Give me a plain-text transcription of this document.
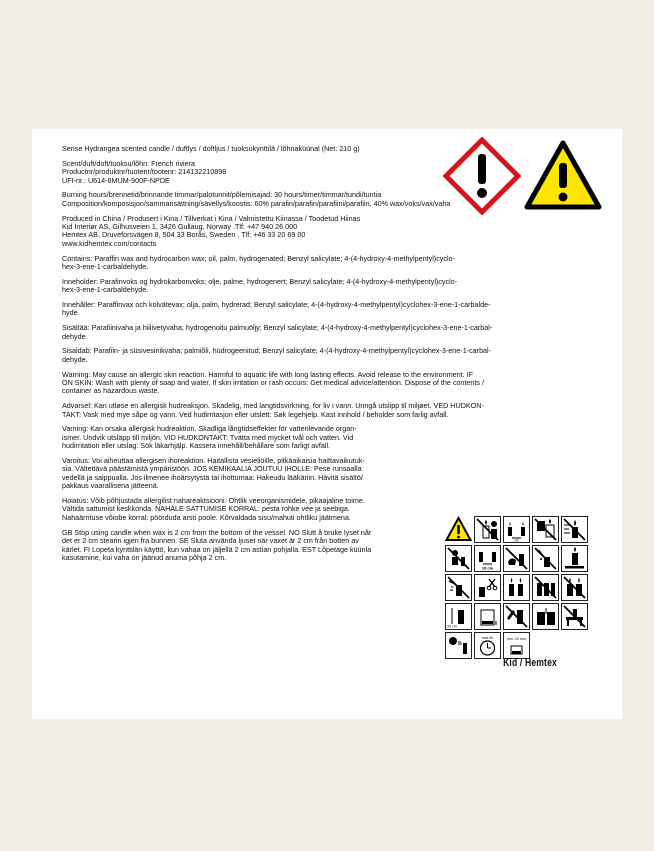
Sense Hydrangea scented candle / duftlys / doftljus / tuoksukynttilä / lõhnaküünal (Net: 210 g)

Scent/duft/doft/tuoksu/lõhn: French riviera
Productnr/produktnr/tuotenr/tootenr: 214132210898
UFI-nr.: U614-8MUM-900F-NPDE

Burning hours/brennetid/brinnande timmar/palotunnit/põlemisajad: 30 hours/timer/timmar/tundi/tuntia
Composition/komposisjon/sammansättning/sävellys/koostis: 60% parafin/parafin/parafiini/parafiin, 40% wax/voks/vax/vaha

Produced in China / Produsert i Kina / Tillverkat i Kina / Valmistettu Kiinassa / Toodetud Hiinas
Kid Interiør AS, Gilhusveien 1, 3426 Gullaug, Norway .Tlf: +47 940 26 000
Hemtex AB, Druveforsvägen 8, 504 33 Borås, Sweden . Tlf: +46 33 20 69 00
www.kidhemtex.com/contacts

Contains: Paraffin wax and hydrocarbon wax; oil, palm, hydrogenated; Benzyl salicylate; 4-(4-hydroxy-4-methylpentyl)cyclo-
hex-3-ene-1-carbaldehyde.

Inneholder: Parafinvoks og hydrokarbonvoks; olje, palme, hydrogenert; Benzyl salicylate; 4-(4-hydroxy-4-methylpentyl)cyclo-
hex-3-ene-1-carbaldehyde.

Innehåller: Paraffinvax och kolvätevax; olja, palm, hydrerad; Benzyl salicylate; 4-(4-hydroxy-4-methylpentyl)cyclohex-3-ene-1-carbalde-
hyde.

Sisältää: Parafiinivaha ja hiilivetyvaha; hydrogenoitu palmuöljy; Benzyl salicylate; 4-(4-hydroxy-4-methylpentyl)cyclohex-3-ene-1-carbal-
dehyde.

Sisaldab: Parafiin- ja süsivesinikvaha; palmiõli, hüdrogeenitud; Benzyl salicylate; 4-(4-hydroxy-4-methylpentyl)cyclohex-3-ene-1-carbal-
dehyde.

Warning: May cause an allergic skin reaction. Harmful to aquatic life with long lasting effects. Avoid release to the environment. IF
ON SKIN: Wash with plenty of soap and water. If skin irritation or rash occurs: Get medical advice/attention. Dispose of the contents /
container as hazardous waste.

Advarsel: Kan utløse en allergisk hudreaksjon. Skadelig, med langtidsvirkning, for liv i vann. Unngå utslipp til miljøet. VED HUDKON-
TAKT: Vask med mye såpe og vann. Ved hudirritasjon eller utslett: Søk legehjelp. Kast innhold / beholder som farlig avfall.

Varning: Kan orsaka allergisk hudreaktion. Skadliga långtidseffekter för vattenlevande organ-
ismer. Undvik utsläpp till miljön. VID HUDKONTAKT: Tvätta med mycket tvål och vatten. Vid
hudirritation eller utslag: Sök läkarhjälp. Kassera innehåll/behållare som farligt avfall.

Varoitus: Voi aiheuttaa allergisen ihoreaktion. Haitallista vesieliöille, pitkäaikaisia haittavaikutuk-
sia. Vältettävä päästämistä ympäristöön. JOS KEMIKAALIA JOUTUU IHOLLE: Pese runsaalla
vedellä ja saippualla. Jos ilmenee ihoärsytystä tai ihottumaa: Hakeudu lääkäriin. Hävitä sisältö/
pakkaus vaarallisena jätteenä.

Hoiatus: Võib põhjustada allergilist nahareaktsiooni. Ohtlik veeorganismidele, pikaajaline toime.
Vältida sattumist keskkonda. NAHALE SATTUMISE KORRAL: pesta rohke vee ja seebiga.
Nahaärrituse võiobe korral: pöörduda arsti poole. Kõrvaldada sisu/mahuti ohtliku jäätmena.

GB Stop using candle when wax is 2 cm from the bottom of the vessel. NO Slutt å bruke lyset når
det er 2 cm stearin igjen fra bunnen. SE Sluta använda ljuset när vaxet är 2 cm från botten av
kärlet. FI Lopeta kynttilän käyttö, kun vahaa on jäljellä 2 cm astian pohjalla. EST Lõpetage küünla
kasutamine, kui vaha on jäänud anuma põhja 2 cm.

cm
10 cm
20 cm
max 4h	min. 20 mm
Kid / Hemtex
